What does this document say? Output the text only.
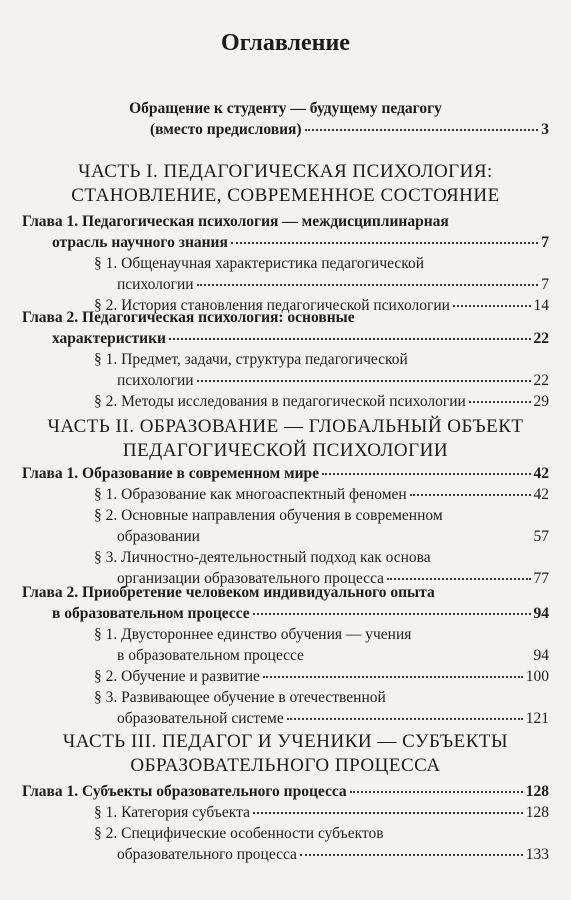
Оглавление
Обращение к студенту — будущему педагогу
(вместо предисловия)	3
ЧАСТЬ I. ПЕДАГОГИЧЕСКАЯ ПСИХОЛОГИЯ:
СТАНОВЛЕНИЕ, СОВРЕМЕННОЕ СОСТОЯНИЕ
Глава 1. Педагогическая психология — междисциплинарная
отрасль научного знания	7
§ 1. Общенаучная характеристика педагогической
психологии	7
§ 2. История становления педагогической психологии	14
Глава 2. Педагогическая психология: основные
характеристики	22
§ 1. Предмет, задачи, структура педагогической
психологии	22
§ 2. Методы исследования в педагогической психологии	29
ЧАСТЬ II. ОБРАЗОВАНИЕ — ГЛОБАЛЬНЫЙ ОБЪЕКТ
ПЕДАГОГИЧЕСКОЙ ПСИХОЛОГИИ
Глава 1. Образование в современном мире	42
§ 1. Образование как многоаспектный феномен	42
§ 2. Основные направления обучения в современном
образовании	57
§ 3. Личностно-деятельностный подход как основа
организации образовательного процесса	77
Глава 2. Приобретение человеком индивидуального опыта
в образовательном процессе	94
§ 1. Двустороннее единство обучения — учения
в образовательном процессе	94
§ 2. Обучение и развитие	100
§ 3. Развивающее обучение в отечественной
образовательной системе	121
ЧАСТЬ III. ПЕДАГОГ И УЧЕНИКИ — СУБЪЕКТЫ
ОБРАЗОВАТЕЛЬНОГО ПРОЦЕССА
Глава 1. Субъекты образовательного процесса	128
§ 1. Категория субъекта	128
§ 2. Специфические особенности субъектов
образовательного процесса	133
